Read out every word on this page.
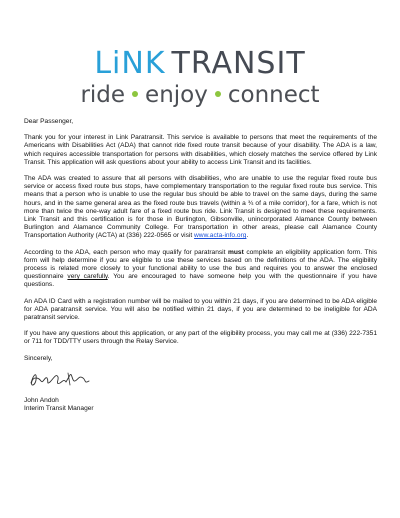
LiNK TRANSIT
ride enjoy connect

Dear Passenger,

Thank you for your interest in Link Paratransit. This service is available to persons that meet the requirements of the Americans with Disabilities Act (ADA) that cannot ride fixed route transit because of your disability. The ADA is a law, which requires accessible transportation for persons with disabilities, which closely matches the service offered by Link Transit. This application will ask questions about your ability to access Link Transit and its facilities.

The ADA was created to assure that all persons with disabilities, who are unable to use the regular fixed route bus service or access fixed route bus stops, have complementary transportation to the regular fixed route bus service. This means that a person who is unable to use the regular bus should be able to travel on the same days, during the same hours, and in the same general area as the fixed route bus travels (within a ¾ of a mile corridor), for a fare, which is not more than twice the one-way adult fare of a fixed route bus ride. Link Transit is designed to meet these requirements. Link Transit and this certification is for those in Burlington, Gibsonville, unincorporated Alamance County between Burlington and Alamance Community College. For transportation in other areas, please call Alamance County Transportation Authority (ACTA) at (336) 222-0565 or visit www.acta-info.org.

According to the ADA, each person who may qualify for paratransit must complete an eligibility application form. This form will help determine if you are eligible to use these services based on the definitions of the ADA. The eligibility process is related more closely to your functional ability to use the bus and requires you to answer the enclosed questionnaire very carefully. You are encouraged to have someone help you with the questionnaire if you have questions.

An ADA ID Card with a registration number will be mailed to you within 21 days, if you are determined to be ADA eligible for ADA paratransit service. You will also be notified within 21 days, if you are determined to be ineligible for ADA paratransit service.

If you have any questions about this application, or any part of the eligibility process, you may call me at (336) 222-7351 or 711 for TDD/TTY users through the Relay Service.

Sincerely,

John Andoh

Interim Transit Manager
